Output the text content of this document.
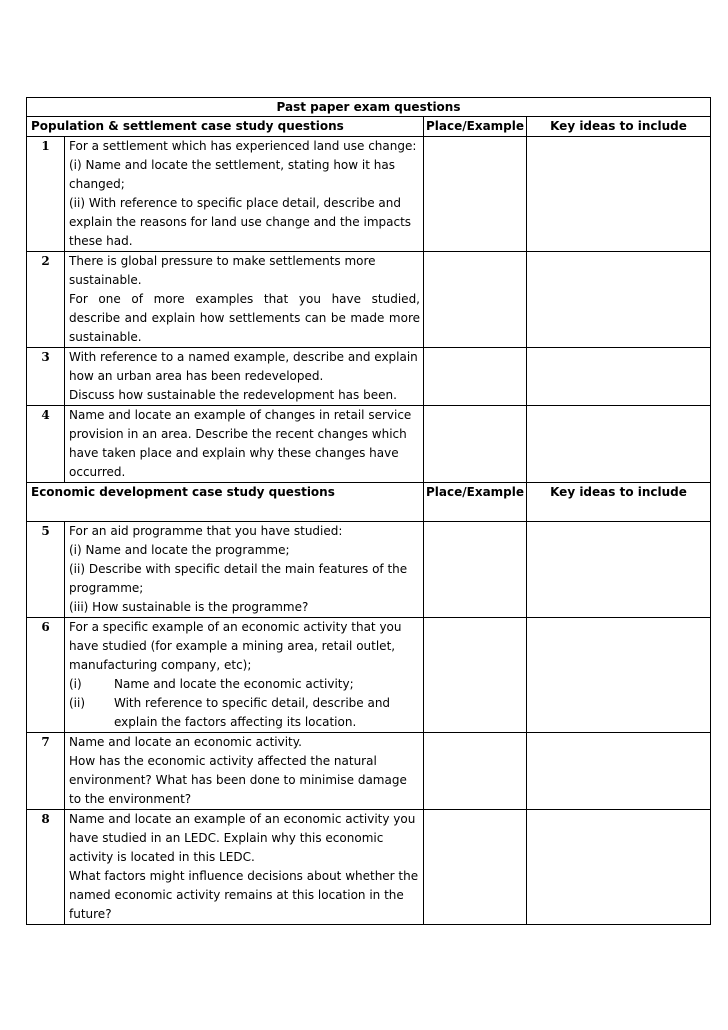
Past paper exam questions			
Population & settlement case study questions		Place/Example	Key ideas to include
1	For a settlement which has experienced land use change:

(i) Name and locate the settlement, stating how it has changed;

(ii) With reference to specific place detail, describe and explain the reasons for land use change and the impacts these had.		

2	There is global pressure to make settlements more sustainable.

For one of more examples that you have studied, describe and explain how settlements can be made more sustainable.		

3	With reference to a named example, describe and explain how an urban area has been redeveloped.

Discuss how sustainable the redevelopment has been.		

4	Name and locate an example of changes in retail service provision in an area. Describe the recent changes which have taken place and explain why these changes have occurred.		

Economic development case study questions		Place/Example	Key ideas to include
5	For an aid programme that you have studied:

(i) Name and locate the programme;

(ii) Describe with specific detail the main features of the programme;

(iii) How sustainable is the programme?		

6	For a specific example of an economic activity that you have studied (for example a mining area, retail outlet, manufacturing company, etc);

(i) Name and locate the economic activity;
(ii) With reference to specific detail, describe and explain the factors affecting its location.		

7	Name and locate an economic activity.

How has the economic activity affected the natural environment? What has been done to minimise damage to the environment?		

8	Name and locate an example of an economic activity you have studied in an LEDC. Explain why this economic activity is located in this LEDC.

What factors might influence decisions about whether the named economic activity remains at this location in the future?		
